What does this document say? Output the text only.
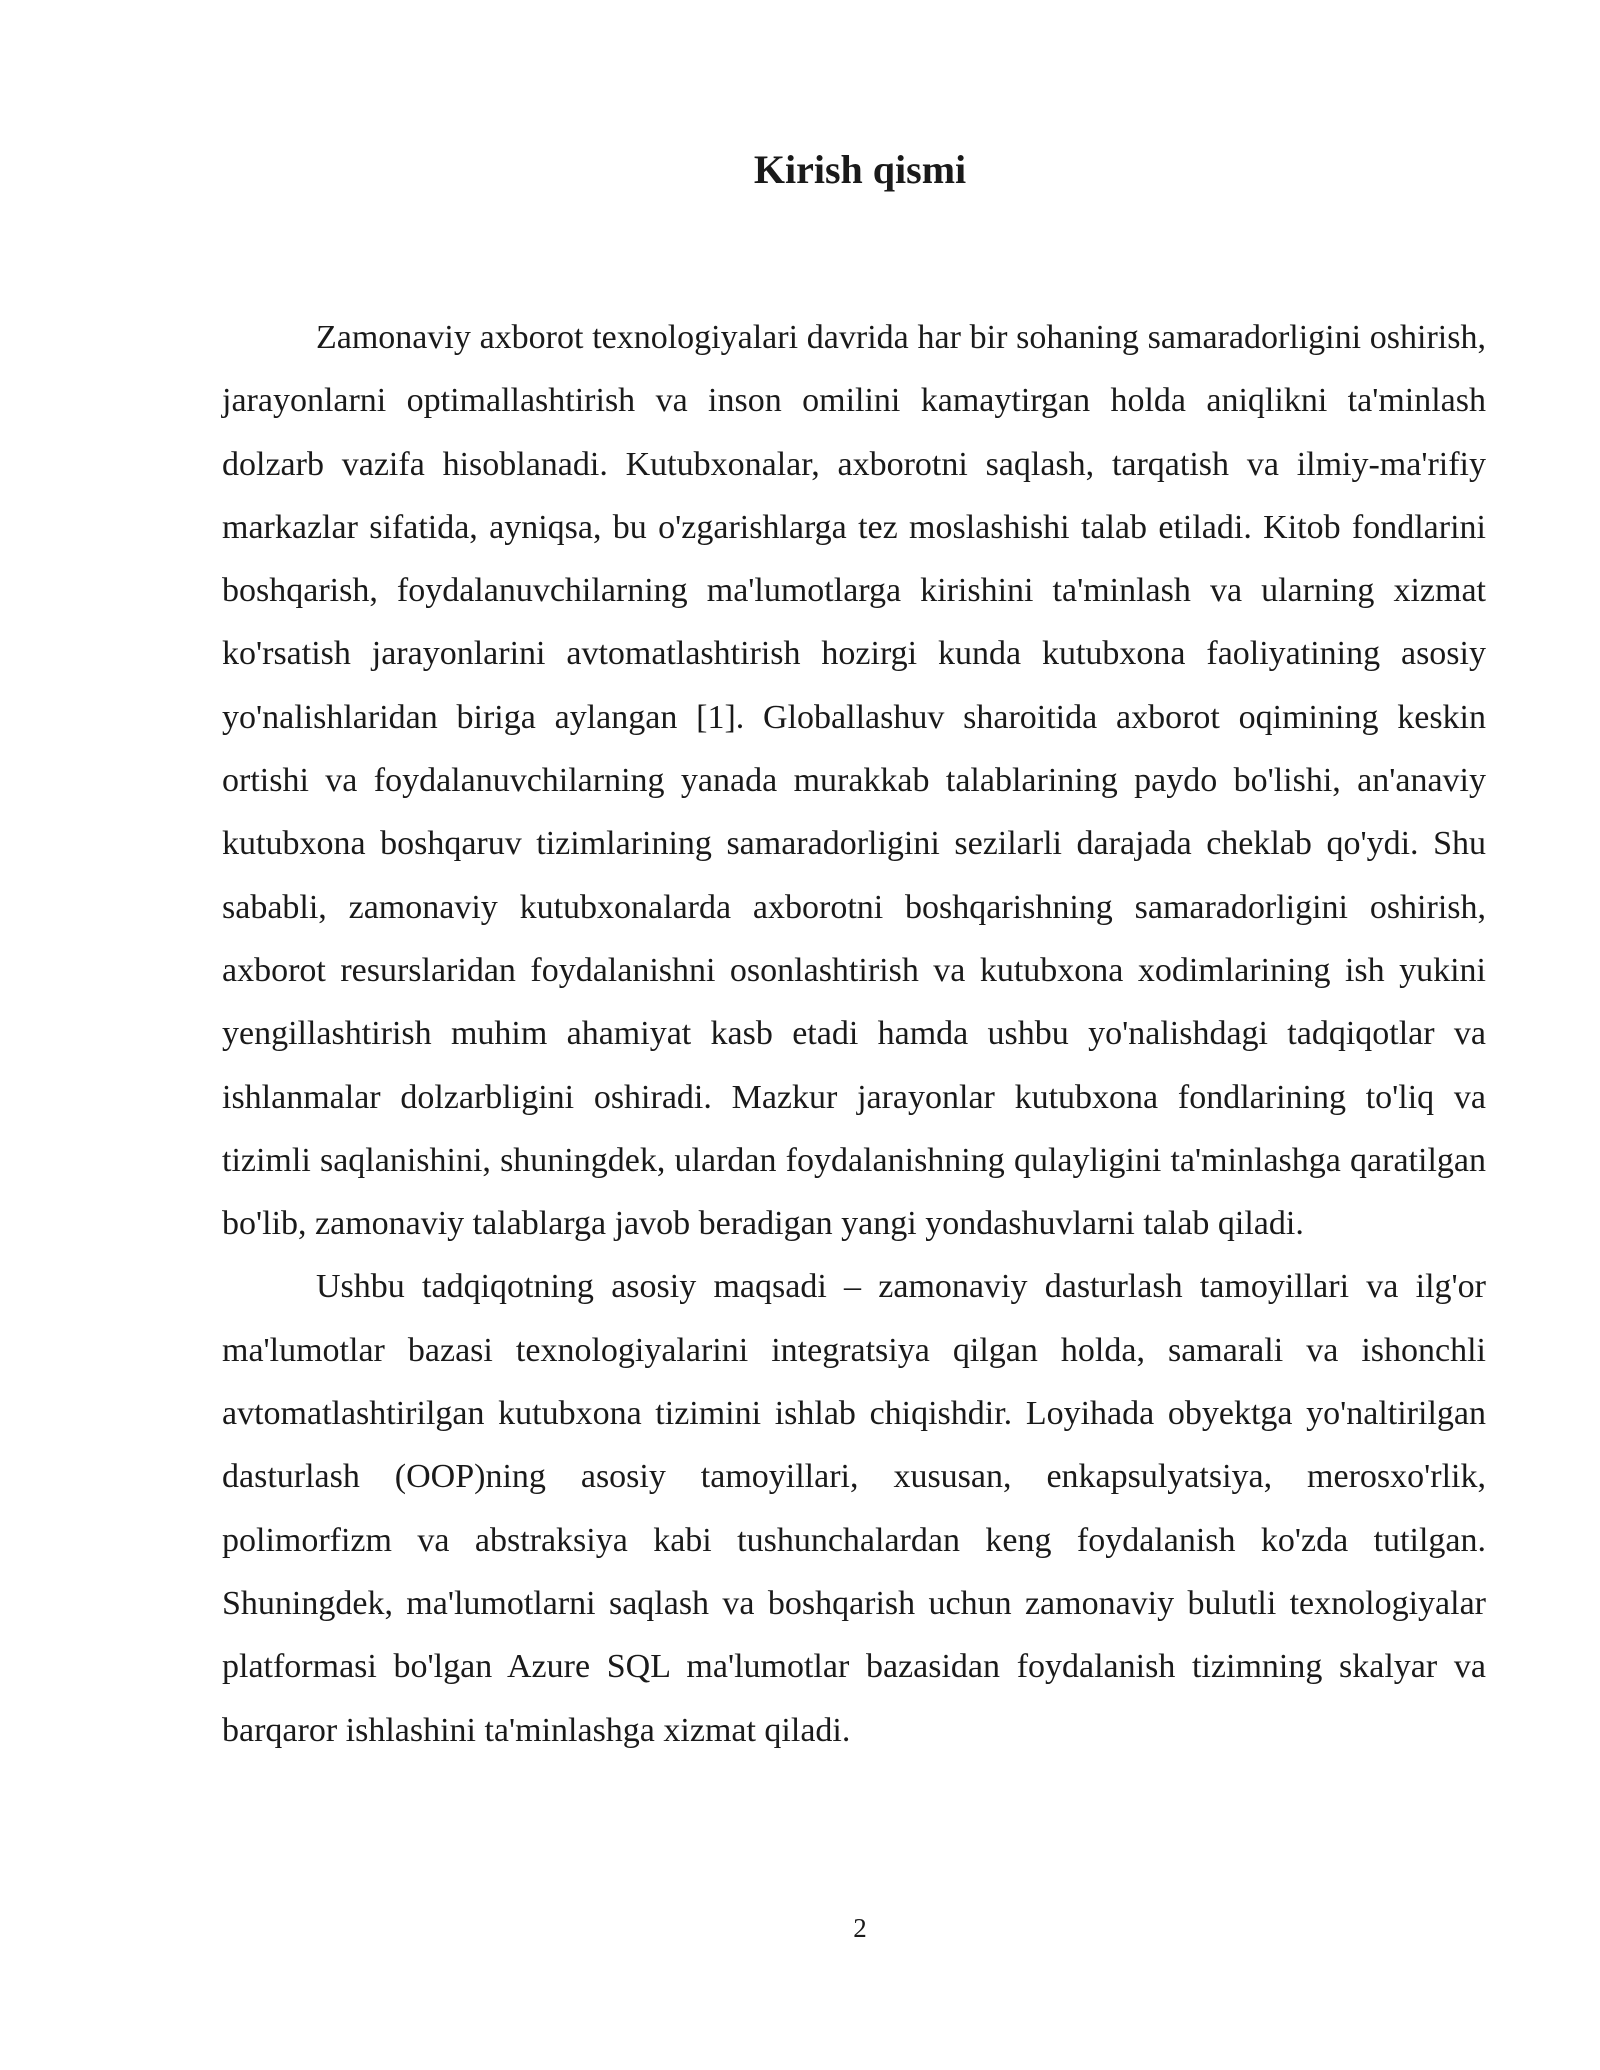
Kirish qismi

Zamonaviy axborot texnologiyalari davrida har bir sohaning samaradorligini oshirish, jarayonlarni optimallashtirish va inson omilini kamaytirgan holda aniqlikni ta'minlash dolzarb vazifa hisoblanadi. Kutubxonalar, axborotni saqlash, tarqatish va ilmiy-ma'rifiy markazlar sifatida, ayniqsa, bu o'zgarishlarga tez moslashishi talab etiladi. Kitob fondlarini boshqarish, foydalanuvchilarning ma'lumotlarga kirishini ta'minlash va ularning xizmat ko'rsatish jarayonlarini avtomatlashtirish hozirgi kunda kutubxona faoliyatining asosiy yo'nalishlaridan biriga aylangan [1]. Globallashuv sharoitida axborot oqimining keskin ortishi va foydalanuvchilarning yanada murakkab talablarining paydo bo'lishi, an'anaviy kutubxona boshqaruv tizimlarining samaradorligini sezilarli darajada cheklab qo'ydi. Shu sababli, zamonaviy kutubxonalarda axborotni boshqarishning samaradorligini oshirish, axborot resurslaridan foydalanishni osonlashtirish va kutubxona xodimlarining ish yukini yengillashtirish muhim ahamiyat kasb etadi hamda ushbu yo'nalishdagi tadqiqotlar va ishlanmalar dolzarbligini oshiradi. Mazkur jarayonlar kutubxona fondlarining to'liq va tizimli saqlanishini, shuningdek, ulardan foydalanishning qulayligini ta'minlashga qaratilgan bo'lib, zamonaviy talablarga javob beradigan yangi yondashuvlarni talab qiladi.

Ushbu tadqiqotning asosiy maqsadi – zamonaviy dasturlash tamoyillari va ilg'or ma'lumotlar bazasi texnologiyalarini integratsiya qilgan holda, samarali va ishonchli avtomatlashtirilgan kutubxona tizimini ishlab chiqishdir. Loyihada obyektga yo'naltirilgan dasturlash (OOP)ning asosiy tamoyillari, xususan, enkapsulyatsiya, merosxo'rlik, polimorfizm va abstraksiya kabi tushunchalardan keng foydalanish ko'zda tutilgan. Shuningdek, ma'lumotlarni saqlash va boshqarish uchun zamonaviy bulutli texnologiyalar platformasi bo'lgan Azure SQL ma'lumotlar bazasidan foydalanish tizimning skalyar va barqaror ishlashini ta'minlashga xizmat qiladi.

2
